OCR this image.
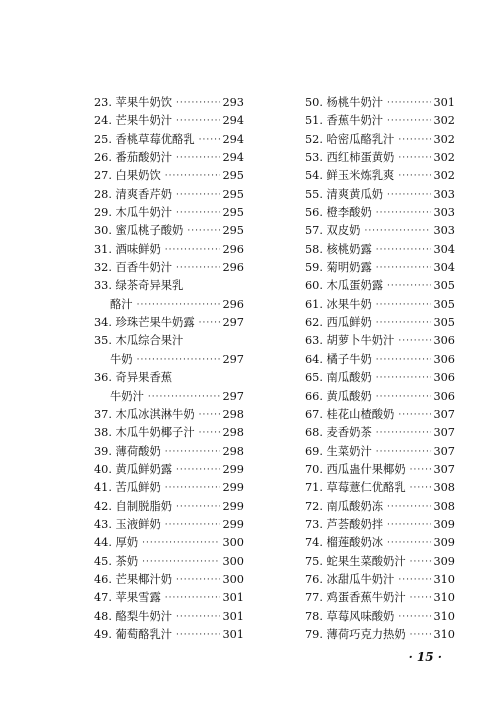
23. 苹果牛奶饮 ·····	293
24. 芒果牛奶汁 ·····	294
25. 香桃草莓优酪乳 ····· 294
26. 番茄酸奶汁 ·····	294
27. 白果奶饮 ·····	295
28. 清爽香芹奶 ·····	295
29. 木瓜牛奶汁 ·····	295
30. 蜜瓜桃子酸奶 ·····	295
31. 酒味鲜奶 ·····	296
32. 百香牛奶汁 ·····	296
33. 绿茶奇异果乳
酪汁 ·····	296
34. 珍珠芒果牛奶露 ····· 297
35. 木瓜综合果汁
牛奶 ·····	297
36. 奇异果香蕉
牛奶汁 ·····	297
37. 木瓜冰淇淋牛奶 ····· 298
38. 木瓜牛奶椰子汁 ····· 298
39. 薄荷酸奶 ·····	298
40. 黄瓜鲜奶露 ·····	299
41. 苦瓜鲜奶 ·····	299
42. 自制脱脂奶 ·····	299
43. 玉液鲜奶 ·····	299
44. 厚奶 ·····	300
45. 茶奶 ·····	300
46. 芒果椰汁奶 ·····	300
47. 苹果雪露 ·····	301
48. 酪梨牛奶汁 ·····	301
49. 葡萄酪乳汁 ·····	301
50. 杨桃牛奶汁 ·····	301
51. 香蕉牛奶汁 ·····	302
52. 哈密瓜酪乳汁 ·····	302
53. 西红柿蛋黄奶 ·····	302
54. 鲜玉米炼乳爽 ·····	302
55. 清爽黄瓜奶 ·····	303
56. 橙李酸奶 ·····	303
57. 双皮奶 ·····	303
58. 核桃奶露 ·····	304
59. 菊明奶露 ·····	304
60. 木瓜蛋奶露 ·····	305
61. 冰果牛奶 ·····	305
62. 西瓜鲜奶 ·····	305
63. 胡萝卜牛奶汁 ·····	306
64. 橘子牛奶 ·····	306
65. 南瓜酸奶 ·····	306
66. 黄瓜酸奶 ·····	306
67. 桂花山楂酸奶 ·····	307
68. 麦香奶茶 ·····	307
69. 生菜奶汁 ·····	307
70. 西瓜蛊什果椰奶 ····· 307
71. 草莓薏仁优酪乳 ····· 308
72. 南瓜酸奶冻 ·····	308
73. 芦荟酸奶拌 ·····	309
74. 榴莲酸奶冰 ·····	309
75. 蛇果生菜酸奶汁 ····· 309
76. 冰甜瓜牛奶汁 ·····	310
77. 鸡蛋香蕉牛奶汁 ····· 310
78. 草莓风味酸奶 ·····	310
79. 薄荷巧克力热奶 ····· 310
· 15 ·
